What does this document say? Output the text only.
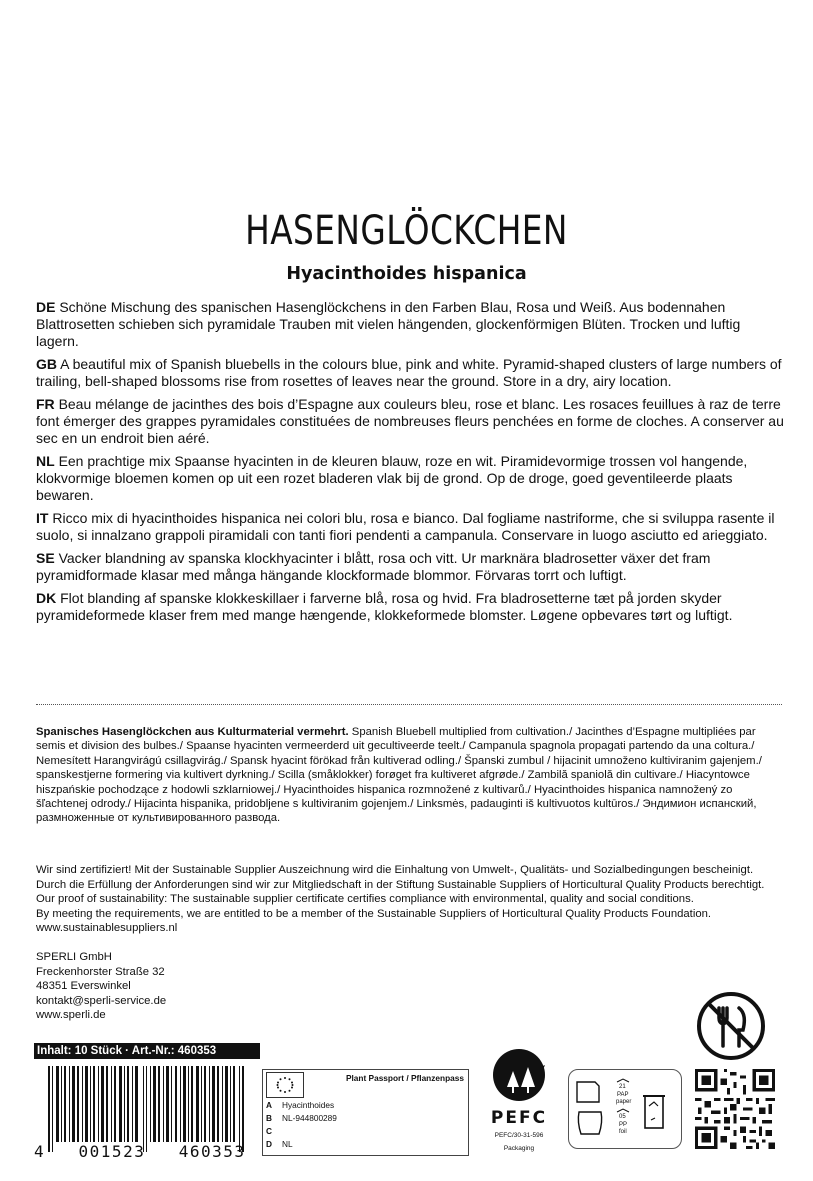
HASENGLÖCKCHEN
Hyacinthoides hispanica

DE Schöne Mischung des spanischen Hasenglöckchens in den Farben Blau, Rosa und Weiß. Aus bodennahen Blattrosetten schieben sich pyramidale Trauben mit vielen hängenden, glockenförmigen Blüten. Trocken und luftig lagern.

GB A beautiful mix of Spanish bluebells in the colours blue, pink and white. Pyramid-shaped clusters of large numbers of trailing, bell-shaped blossoms rise from rosettes of leaves near the ground. Store in a dry, airy location.

FR Beau mélange de jacinthes des bois d’Espagne aux couleurs bleu, rose et blanc. Les rosaces feuillues à raz de terre font émerger des grappes pyramidales constituées de nombreuses fleurs penchées en forme de cloches. A conserver au sec en un endroit bien aéré.

NL Een prachtige mix Spaanse hyacinten in de kleuren blauw, roze en wit. Piramidevormige trossen vol hangende, klokvormige bloemen komen op uit een rozet bladeren vlak bij de grond. Op de droge, goed geventileerde plaats bewaren.

IT Ricco mix di hyacinthoides hispanica nei colori blu, rosa e bianco. Dal fogliame nastriforme, che si sviluppa rasente il suolo, si innalzano grappoli piramidali con tanti fiori pendenti a campanula. Conservare in luogo asciutto ed arieggiato.

SE Vacker blandning av spanska klockhyacinter i blått, rosa och vitt. Ur marknära bladrosetter växer det fram pyramidformade klasar med många hängande klockformade blommor. Förvaras torrt och luftigt.

DK Flot blanding af spanske klokkeskillaer i farverne blå, rosa og hvid. Fra bladrosetterne tæt på jorden skyder pyramideformede klaser frem med mange hængende, klokkeformede blomster. Løgene opbevares tørt og luftigt.

Spanisches Hasenglöckchen aus Kulturmaterial vermehrt. Spanish Bluebell multiplied from cultivation./ Jacinthes d’Espagne multipliées par semis et division des bulbes./ Spaanse hyacinten vermeerderd uit gecultiveerde teelt./ Campanula spagnola propagati partendo da una coltura./ Nemesített Harangvirágú csillagvirág./ Spansk hyacint förökad från kultiverad odling./ Španski zumbul / hijacinit umnoženo kultiviranim gajenjem./ spanskestjerne formering via kultivert dyrkning./ Scilla (småklokker) forøget fra kultiveret afgrøde./ Zambilă spaniolă din cultivare./ Hiacyntowce hiszpańskie pochodzące z hodowli szklarniowej./ Hyacinthoides hispanica rozmnožené z kultivarů./ Hyacinthoides hispanica namnožený zo šľachtenej odrody./ Hijacinta hispanika, pridobljene s kultiviranim gojenjem./ Linksmės, padauginti iš kultivuotos kultūros./ Эндимион испанский, размноженные от культивированного развода.
Wir sind zertifiziert! Mit der Sustainable Supplier Auszeichnung wird die Einhaltung von Umwelt-, Qualitäts- und Sozialbedingungen bescheinigt.
Durch die Erfüllung der Anforderungen sind wir zur Mitgliedschaft in der Stiftung Sustainable Suppliers of Horticultural Quality Products berechtigt.
Our proof of sustainability: The sustainable supplier certificate certifies compliance with environmental, quality and social conditions.
By meeting the requirements, we are entitled to be a member of the Sustainable Suppliers of Horticultural Quality Products Foundation.
www.sustainablesuppliers.nl
SPERLI GmbH
Freckenhorster Straße 32
48351 Everswinkel
kontakt@sperli-service.de
www.sperli.de
Inhalt: 10 Stück · Art.-Nr.: 460353
4   001523   460353
Plant Passport / Pflanzenpass
A Hyacinthoides
B NL-944800289
C
D NL
PEFC
PEFC/30-31-596
Packaging
21
PAP
paper
05
PP
foil
